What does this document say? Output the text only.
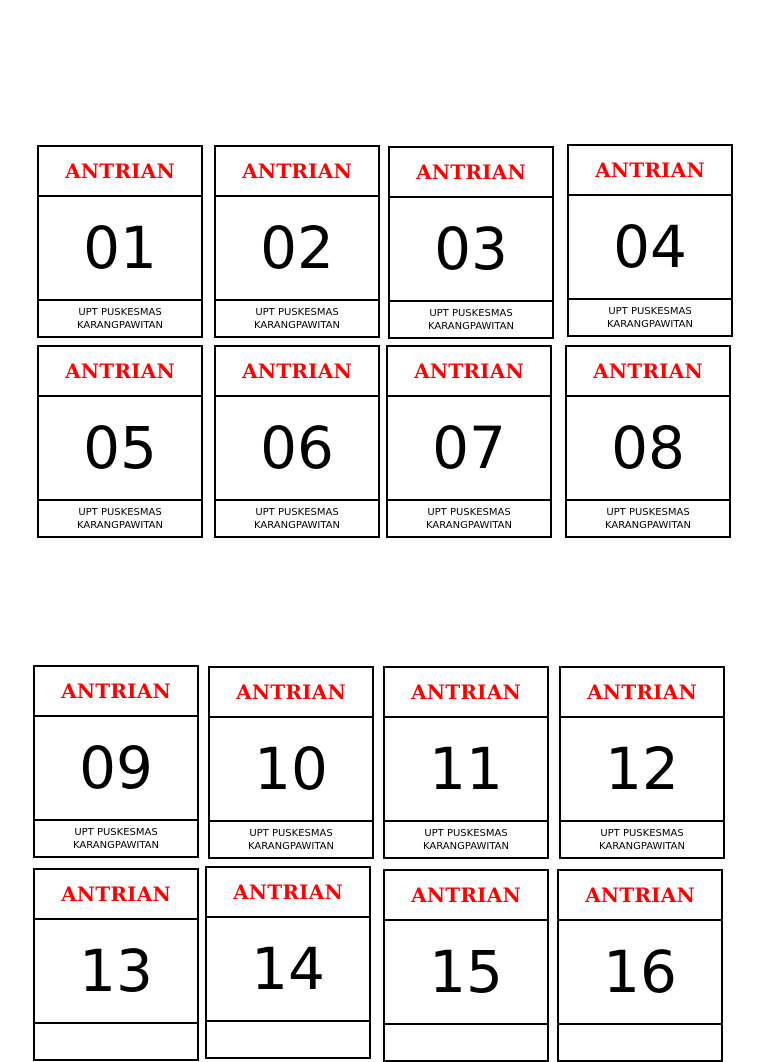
ANTRIAN
01
UPT PUSKESMAS
KARANGPAWITAN
ANTRIAN
02
UPT PUSKESMAS
KARANGPAWITAN
ANTRIAN
03
UPT PUSKESMAS
KARANGPAWITAN
ANTRIAN
04
UPT PUSKESMAS
KARANGPAWITAN
ANTRIAN
05
UPT PUSKESMAS
KARANGPAWITAN
ANTRIAN
06
UPT PUSKESMAS
KARANGPAWITAN
ANTRIAN
07
UPT PUSKESMAS
KARANGPAWITAN
ANTRIAN
08
UPT PUSKESMAS
KARANGPAWITAN
ANTRIAN
09
UPT PUSKESMAS
KARANGPAWITAN
ANTRIAN
10
UPT PUSKESMAS
KARANGPAWITAN
ANTRIAN
11
UPT PUSKESMAS
KARANGPAWITAN
ANTRIAN
12
UPT PUSKESMAS
KARANGPAWITAN
ANTRIAN
13
ANTRIAN
14
ANTRIAN
15
ANTRIAN
16
